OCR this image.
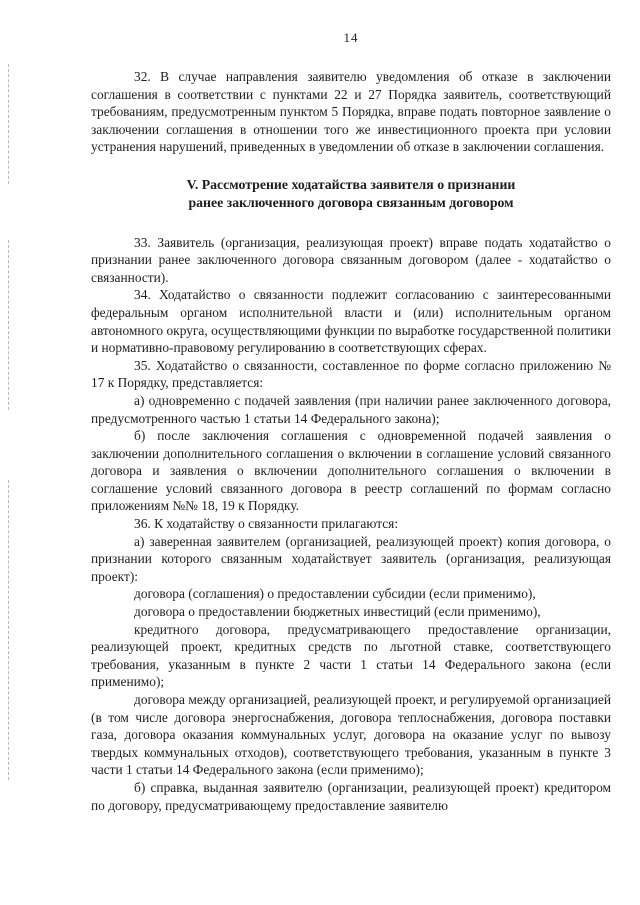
14

32. В случае направления заявителю уведомления об отказе в заключении соглашения в соответствии с пунктами 22 и 27 Порядка заявитель, соответствующий требованиям, предусмотренным пунктом 5 Порядка, вправе подать повторное заявление о заключении соглашения в отношении того же инвестиционного проекта при условии устранения нарушений, приведенных в уведомлении об отказе в заключении соглашения.

V. Рассмотрение ходатайства заявителя о признании
ранее заключенного договора связанным договором

33. Заявитель (организация, реализующая проект) вправе подать ходатайство о признании ранее заключенного договора связанным договором (далее - ходатайство о связанности).

34. Ходатайство о связанности подлежит согласованию с заинтересованными федеральным органом исполнительной власти и (или) исполнительным органом автономного округа, осуществляющими функции по выработке государственной политики и нормативно-правовому регулированию в соответствующих сферах.

35. Ходатайство о связанности, составленное по форме согласно приложению № 17 к Порядку, представляется:

а) одновременно с подачей заявления (при наличии ранее заключенного договора, предусмотренного частью 1 статьи 14 Федерального закона);

б) после заключения соглашения с одновременной подачей заявления о заключении дополнительного соглашения о включении в соглашение условий связанного договора и заявления о включении дополнительного соглашения о включении в соглашение условий связанного договора в реестр соглашений по формам согласно приложениям №№ 18, 19 к Порядку.

36. К ходатайству о связанности прилагаются:

а) заверенная заявителем (организацией, реализующей проект) копия договора, о признании которого связанным ходатайствует заявитель (организация, реализующая проект):

договора (соглашения) о предоставлении субсидии (если применимо),

договора о предоставлении бюджетных инвестиций (если применимо),

кредитного договора, предусматривающего предоставление организации, реализующей проект, кредитных средств по льготной ставке, соответствующего требования, указанным в пункте 2 части 1 статьи 14 Федерального закона (если применимо);

договора между организацией, реализующей проект, и регулируемой организацией (в том числе договора энергоснабжения, договора теплоснабжения, договора поставки газа, договора оказания коммунальных услуг, договора на оказание услуг по вывозу твердых коммунальных отходов), соответствующего требования, указанным в пункте 3 части 1 статьи 14 Федерального закона (если применимо);

б) справка, выданная заявителю (организации, реализующей проект) кредитором по договору, предусматривающему предоставление заявителю
